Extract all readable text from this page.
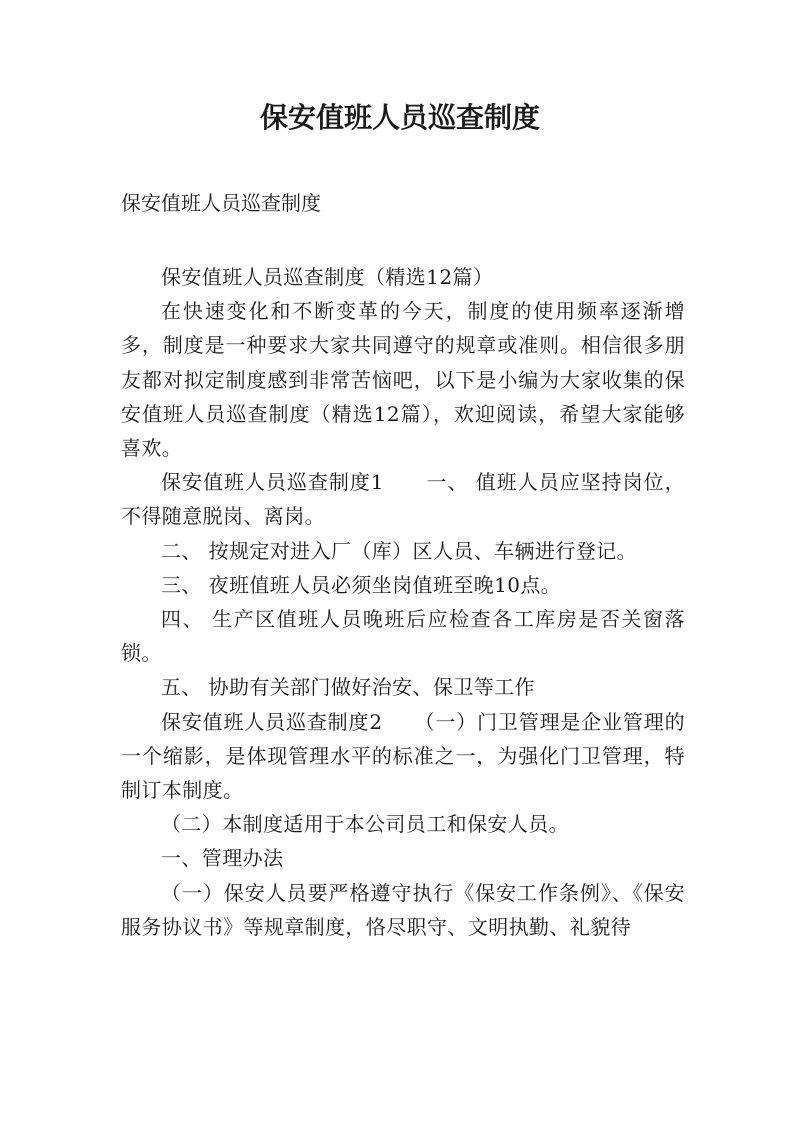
保安值班人员巡查制度
保安值班人员巡查制度

保安值班人员巡查制度（精选12篇）

在快速变化和不断变革的今天，制度的使用频率逐渐增多，制度是一种要求大家共同遵守的规章或准则。相信很多朋友都对拟定制度感到非常苦恼吧，以下是小编为大家收集的保安值班人员巡查制度（精选12篇），欢迎阅读，希望大家能够喜欢。

保安值班人员巡查制度1　　一、 值班人员应坚持岗位，不得随意脱岗、离岗。

二、 按规定对进入厂（库）区人员、车辆进行登记。

三、 夜班值班人员必须坐岗值班至晚10点。

四、 生产区值班人员晚班后应检查各工库房是否关窗落锁。

五、 协助有关部门做好治安、保卫等工作

保安值班人员巡查制度2　　（一）门卫管理是企业管理的一个缩影，是体现管理水平的标准之一，为强化门卫管理，特制订本制度。

（二）本制度适用于本公司员工和保安人员。

一、管理办法

（一）保安人员要严格遵守执行《保安工作条例》、《保安服务协议书》等规章制度，恪尽职守、文明执勤、礼貌待
